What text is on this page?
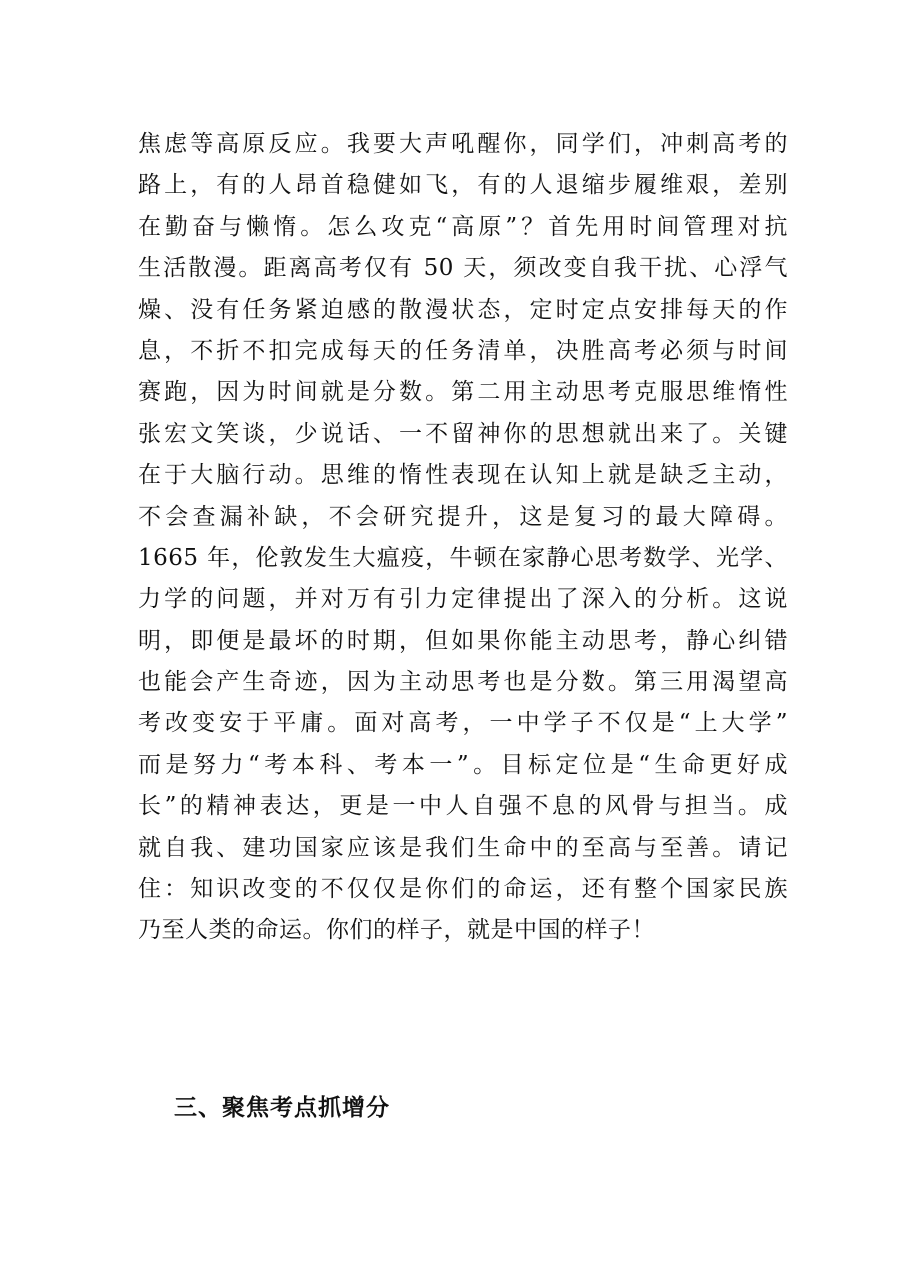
焦虑等高原反应。我要大声吼醒你，同学们，冲刺高考的
路上，有的人昂首稳健如飞，有的人退缩步履维艰，差别
在勤奋与懒惰。怎么攻克“高原”？首先用时间管理对抗
生活散漫。距离高考仅有 50 天，须改变自我干扰、心浮气
燥、没有任务紧迫感的散漫状态，定时定点安排每天的作
息，不折不扣完成每天的任务清单，决胜高考必须与时间
赛跑，因为时间就是分数。第二用主动思考克服思维惰性
张宏文笑谈，少说话、一不留神你的思想就出来了。关键
在于大脑行动。思维的惰性表现在认知上就是缺乏主动，
不会查漏补缺，不会研究提升，这是复习的最大障碍。
1665 年，伦敦发生大瘟疫，牛顿在家静心思考数学、光学、
力学的问题，并对万有引力定律提出了深入的分析。这说
明，即便是最坏的时期，但如果你能主动思考，静心纠错
也能会产生奇迹，因为主动思考也是分数。第三用渴望高
考改变安于平庸。面对高考，一中学子不仅是“上大学”
而是努力“考本科、考本一”。目标定位是“生命更好成
长”的精神表达，更是一中人自强不息的风骨与担当。成
就自我、建功国家应该是我们生命中的至高与至善。请记
住：知识改变的不仅仅是你们的命运，还有整个国家民族
乃至人类的命运。你们的样子，就是中国的样子！
三、聚焦考点抓增分
